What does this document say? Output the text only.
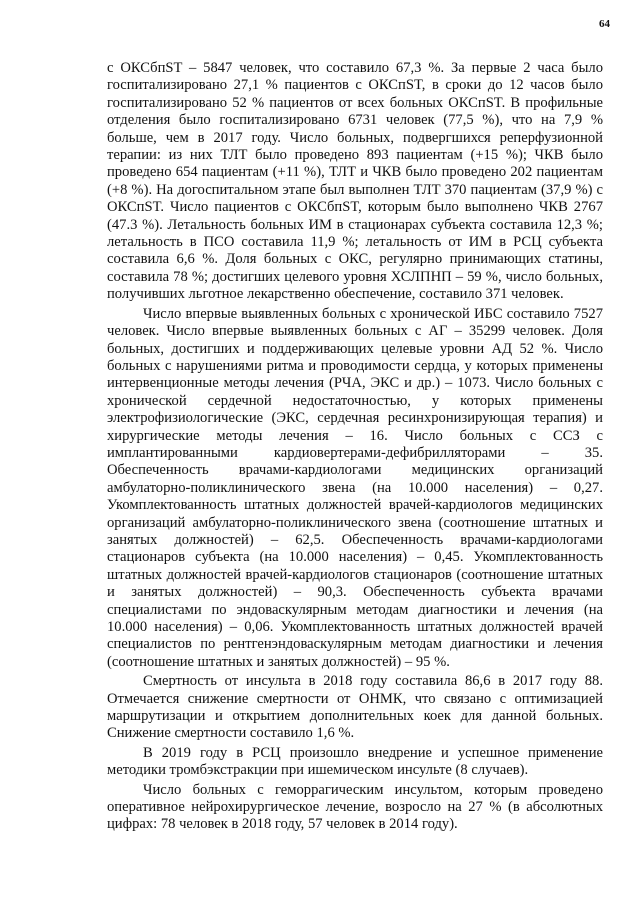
64

с ОКСбпST – 5847 человек, что составило 67,3 %. За первые 2 часа было госпитализировано 27,1 % пациентов с ОКСпST, в сроки до 12 часов было госпитализировано 52 % пациентов от всех больных ОКСпST. В профильные отделения было госпитализировано 6731 человек (77,5 %), что на 7,9 % больше, чем в 2017 году. Число больных, подвергшихся реперфузионной терапии: из них ТЛТ было проведено 893 пациентам (+15 %); ЧКВ было проведено 654 пациентам (+11 %), ТЛТ и ЧКВ было проведено 202 пациентам (+8 %). На догоспитальном этапе был выполнен ТЛТ 370 пациентам (37,9 %) с ОКСпST. Число пациентов с ОКСбпST, которым было выполнено ЧКВ 2767 (47.3 %). Летальность больных ИМ в стационарах субъекта составила 12,3 %; летальность в ПСО составила 11,9 %; летальность от ИМ в РСЦ субъекта составила 6,6 %. Доля больных с ОКС, регулярно принимающих статины, составила 78 %; достигших целевого уровня ХСЛПНП – 59 %, число больных, получивших льготное лекарственно обеспечение, составило 371 человек.

Число впервые выявленных больных с хронической ИБС составило 7527 человек. Число впервые выявленных больных с АГ – 35299 человек. Доля больных, достигших и поддерживающих целевые уровни АД 52 %. Число больных с нарушениями ритма и проводимости сердца, у которых применены интервенционные методы лечения (РЧА, ЭКС и др.) – 1073. Число больных с хронической сердечной недостаточностью, у которых применены электрофизиологические (ЭКС, сердечная ресинхронизирующая терапия) и хирургические методы лечения – 16. Число больных с ССЗ с имплантированными кардиовертерами-дефибрилляторами – 35. Обеспеченность врачами-кардиологами медицинских организаций амбулаторно-поликлинического звена (на 10.000 населения) – 0,27. Укомплектованность штатных должностей врачей-кардиологов медицинских организаций амбулаторно-поликлинического звена (соотношение штатных и занятых должностей) – 62,5. Обеспеченность врачами-кардиологами стационаров субъекта (на 10.000 населения) – 0,45. Укомплектованность штатных должностей врачей-кардиологов стационаров (соотношение штатных и занятых должностей) – 90,3. Обеспеченность субъекта врачами специалистами по эндоваскулярным методам диагностики и лечения (на 10.000 населения) – 0,06. Укомплектованность штатных должностей врачей специалистов по рентгенэндоваскулярным методам диагностики и лечения (соотношение штатных и занятых должностей) – 95 %.

Смертность от инсульта в 2018 году составила 86,6 в 2017 году 88. Отмечается снижение смертности от ОНМК, что связано с оптимизацией маршрутизации и открытием дополнительных коек для данной больных. Снижение смертности составило 1,6 %.

В 2019 году в РСЦ произошло внедрение и успешное применение методики тромбэкстракции при ишемическом инсульте (8 случаев).

Число больных с геморрагическим инсультом, которым проведено оперативное нейрохирургическое лечение, возросло на 27 % (в абсолютных цифрах: 78 человек в 2018 году, 57 человек в 2014 году).
